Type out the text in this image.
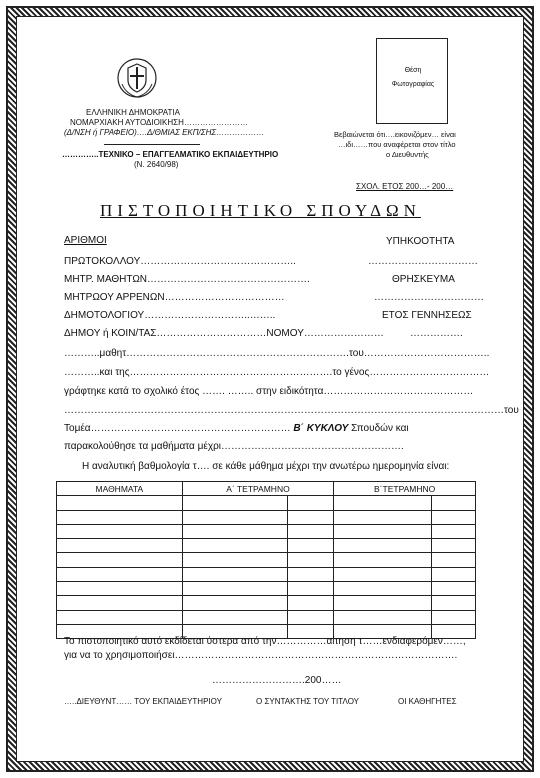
ΕΛΛΗΝΙΚΗ ΔΗΜΟΚΡΑΤΙΑ
ΝΟΜΑΡΧΙΑΚΗ ΑΥΤΟΔΙΟΙΚΗΣΗ……………………
(Δ/ΝΣΗ ή ΓΡΑΦΕΙΟ)….Δ/ΘΜΙΑΣ ΕΚΠ/ΣΗΣ………………
…………..ΤΕΧΝΙΚΟ – ΕΠΑΓΓΕΛΜΑΤΙΚΟ ΕΚΠΑΙΔΕΥΤΗΡΙΟ
(Ν. 2640/98)
Θέση
Φωτογραφίας
Βεβαιώνεται ότι….εικονιζόμεν… είναι
…ιδι……που αναφέρεται στον τίτλο
ο Διευθυντής
ΣΧΟΛ. ΕΤΟΣ 200…- 200…
ΠΙΣΤΟΠΟΙΗΤΙΚΟ ΣΠΟΥΔΩΝ
ΑΡΙΘΜΟΙ	ΥΠΗΚΟΟΤΗΤΑ
ΠΡΩΤΟΚΟΛΛΟΥ………………………………………..	……………………………
ΜΗΤΡ. ΜΑΘΗΤΩΝ………………………………………….	ΘΡΗΣΚΕΥΜΑ
ΜΗΤΡΩΟΥ ΑΡΡΕΝΩΝ………………………………	……………………………
ΔΗΜΟΤΟΛΟΓΙΟΥ…………………………..……..	ΕΤΟΣ ΓΕΝΝΗΣΕΩΣ
ΔΗΜΟΥ ή ΚΟΙΝ/ΤΑΣ……………………………ΝΟΜΟΥ……………………	…………….
………..μαθητ………………………………………………………….του………………………………..
………..και της…………………………………………………….το γένος………………………………
γράφτηκε κατά το σχολικό έτος ……. …….. στην ειδικότητα………………………………………
……………………………………………………………………………………………………………………του
Τομέα…………………………………………………… Β΄ ΚΥΚΛΟΥ Σπουδών και
παρακολούθησε τα μαθήματα μέχρι……………………………………………….
Η αναλυτική βαθμολογία τ…. σε κάθε μάθημα μέχρι την ανωτέρω ημερομηνία είναι:
ΜΑΘΗΜΑΤΑ	Α΄ ΤΕΤΡΑΜΗΝΟ		Β΄ΤΕΤΡΑΜΗΝΟ	

Το πιστοποιητικό αυτό εκδίδεται ύστερα από την……………αίτηση τ……ενδιαφερόμεν……,
για να το χρησιμοποιήσει………………………………………………………………………….
……………………….200……
…..ΔΙΕΥΘΥΝΤ…… ΤΟΥ ΕΚΠΑΙΔΕΥΤΗΡΙΟΥ	Ο ΣΥΝΤΑΚΤΗΣ ΤΟΥ ΤΙΤΛΟΥ	ΟΙ ΚΑΘΗΓΗΤΕΣ
